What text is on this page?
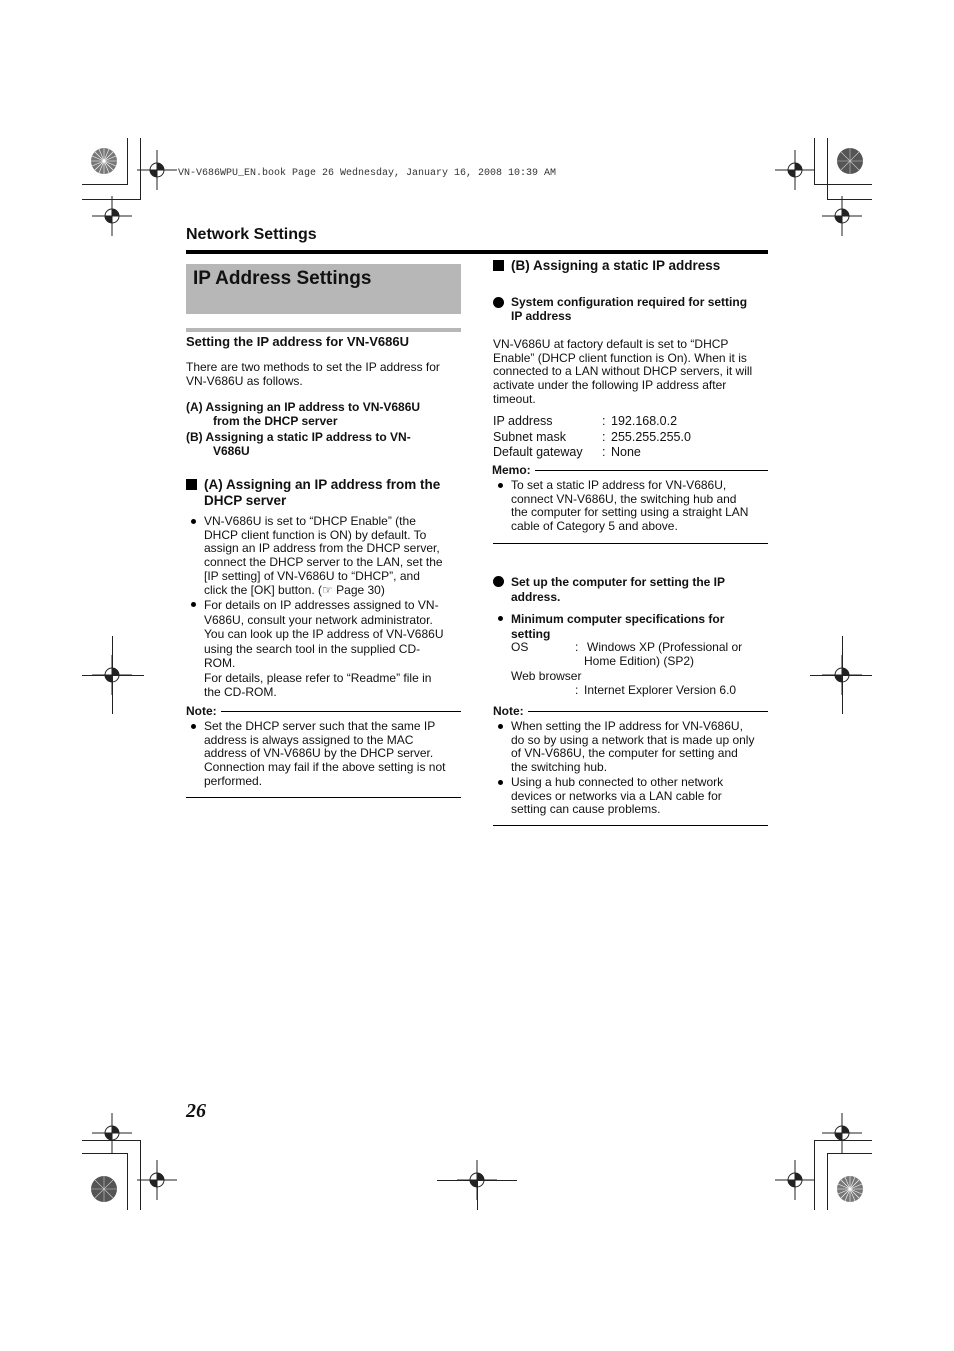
VN-V686WPU_EN.book Page 26 Wednesday, January 16, 2008 10:39 AM
Network Settings
IP Address Settings
Setting the IP address for VN-V686U
There are two methods to set the IP address for
VN-V686U as follows.
(A) Assigning an IP address to VN-V686U
from the DHCP server
(B) Assigning a static IP address to VN-
V686U
(A) Assigning an IP address from the
DHCP server
VN-V686U is set to “DHCP Enable” (the
DHCP client function is ON) by default. To
assign an IP address from the DHCP server,
connect the DHCP server to the LAN, set the
[IP setting] of VN-V686U to “DHCP”, and
click the [OK] button. (☞ Page 30)
For details on IP addresses assigned to VN-
V686U, consult your network administrator.
You can look up the IP address of VN-V686U
using the search tool in the supplied CD-
ROM.
For details, please refer to “Readme” file in
the CD-ROM.
Note:
Set the DHCP server such that the same IP
address is always assigned to the MAC
address of VN-V686U by the DHCP server.
Connection may fail if the above setting is not
performed.
(B) Assigning a static IP address
System configuration required for setting
IP address
VN-V686U at factory default is set to “DHCP
Enable” (DHCP client function is On). When it is
connected to a LAN without DHCP servers, it will
activate under the following IP address after
timeout.
IP address	: 192.168.0.2
Subnet mask	: 255.255.255.0
Default gateway : None
Memo:
To set a static IP address for VN-V686U,
connect VN-V686U, the switching hub and
the computer for setting using a straight LAN
cable of Category 5 and above.
Set up the computer for setting the IP
address.
Minimum computer specifications for
setting
OS	: Windows XP (Professional or
Home Edition) (SP2)
Web browser
: Internet Explorer Version 6.0
Note:
When setting the IP address for VN-V686U,
do so by using a network that is made up only
of VN-V686U, the computer for setting and
the switching hub.
Using a hub connected to other network
devices or networks via a LAN cable for
setting can cause problems.
26
